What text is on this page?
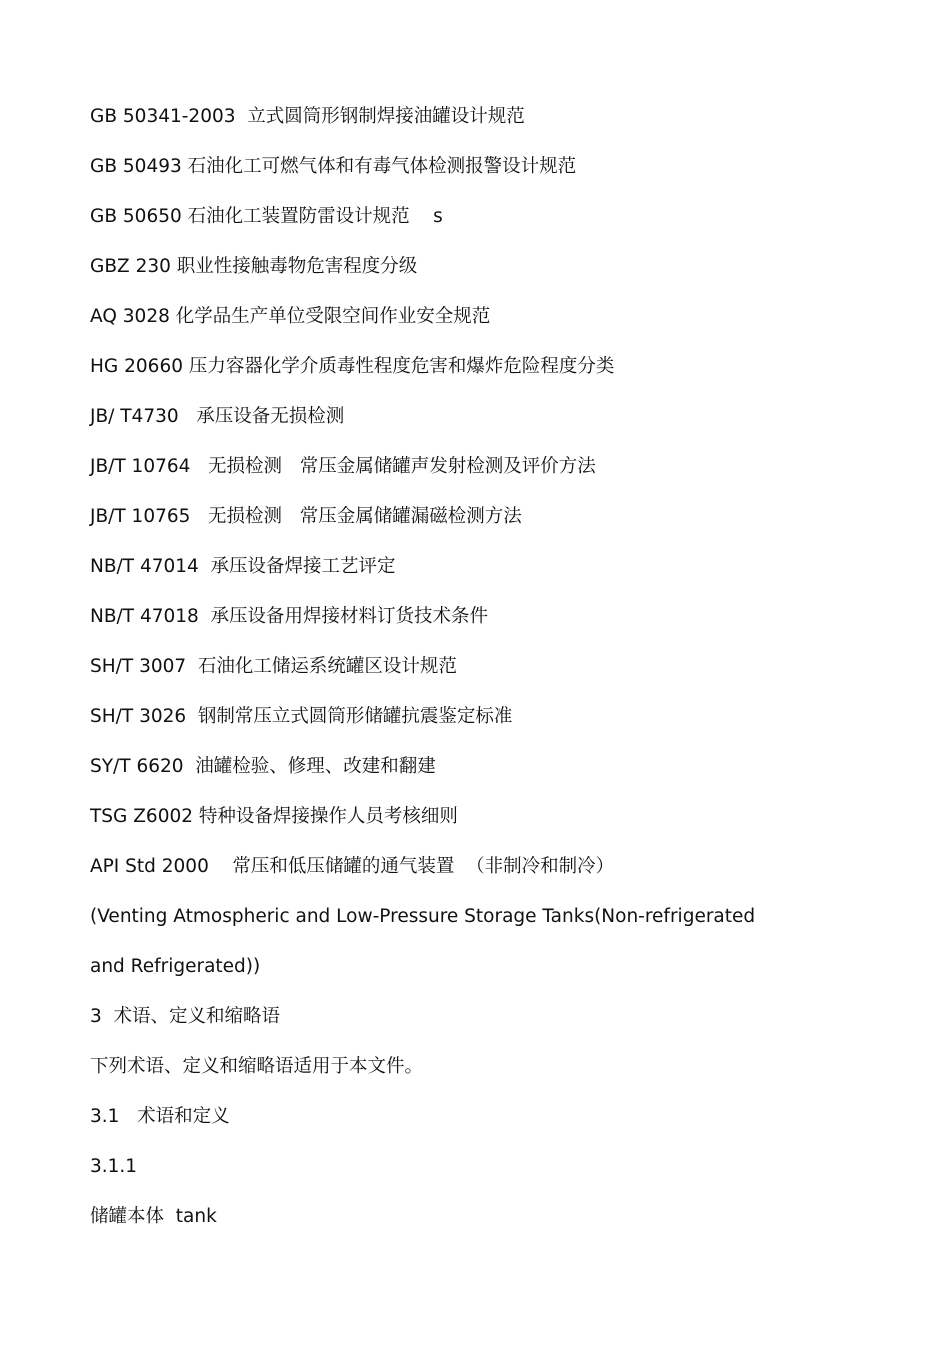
GB 50341-2003  立式圆筒形钢制焊接油罐设计规范
GB 50493 石油化工可燃气体和有毒气体检测报警设计规范
GB 50650 石油化工装置防雷设计规范    s
GBZ 230 职业性接触毒物危害程度分级
AQ 3028 化学品生产单位受限空间作业安全规范
HG 20660 压力容器化学介质毒性程度危害和爆炸危险程度分类
JB/ T4730   承压设备无损检测
JB/T 10764   无损检测   常压金属储罐声发射检测及评价方法
JB/T 10765   无损检测   常压金属储罐漏磁检测方法
NB/T 47014  承压设备焊接工艺评定
NB/T 47018  承压设备用焊接材料订货技术条件
SH/T 3007  石油化工储运系统罐区设计规范
SH/T 3026  钢制常压立式圆筒形储罐抗震鉴定标准
SY/T 6620  油罐检验、修理、改建和翻建
TSG Z6002 特种设备焊接操作人员考核细则
API Std 2000    常压和低压储罐的通气装置  （非制冷和制冷）
(Venting Atmospheric and Low-Pressure Storage Tanks(Non-refrigerated
and Refrigerated))
3  术语、定义和缩略语
下列术语、定义和缩略语适用于本文件。
3.1   术语和定义
3.1.1
储罐本体  tank
